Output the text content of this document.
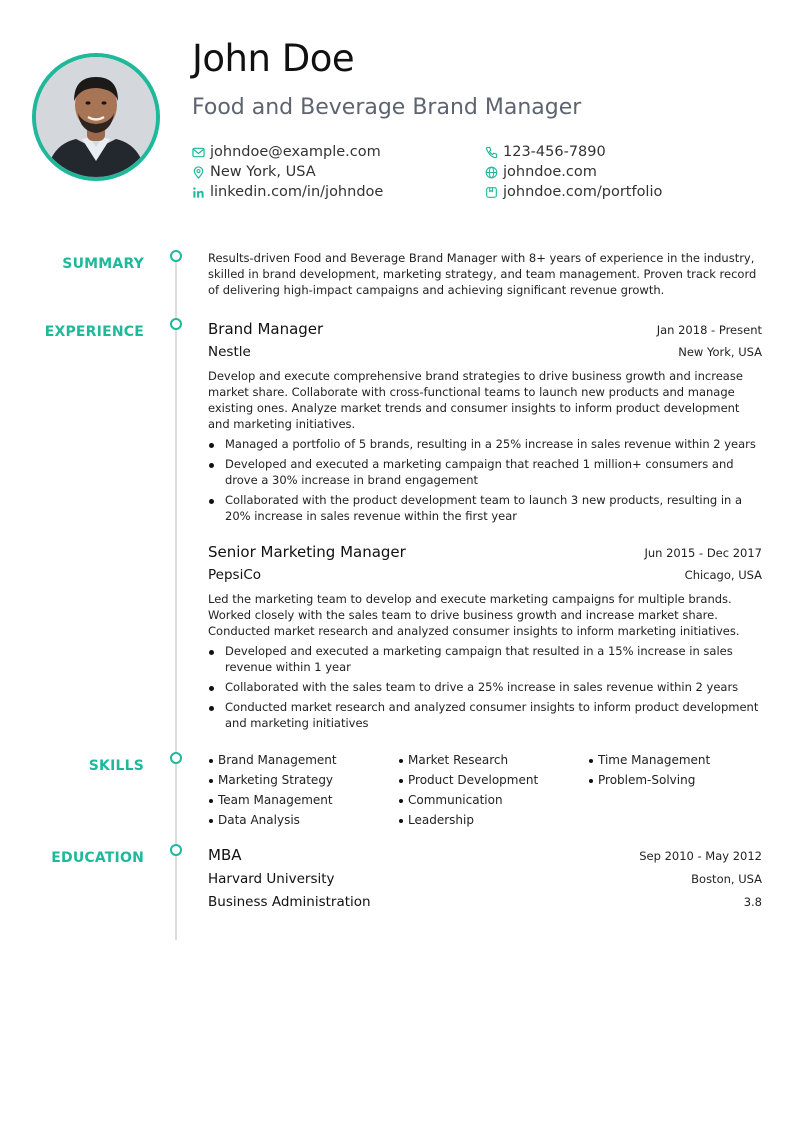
John Doe
Food and Beverage Brand Manager
johndoe@example.com
New York, USA
linkedin.com/in/johndoe
123-456-7890
johndoe.com
johndoe.com/portfolio
SUMMARY
EXPERIENCE
SKILLS
EDUCATION
Results-driven Food and Beverage Brand Manager with 8+ years of experience in the industry, skilled in brand development, marketing strategy, and team management. Proven track record of delivering high-impact campaigns and achieving significant revenue growth.
Brand Manager	Jan 2018 - Present
Nestle	New York, USA
Develop and execute comprehensive brand strategies to drive business growth and increase market share. Collaborate with cross-functional teams to launch new products and manage existing ones. Analyze market trends and consumer insights to inform product development and marketing initiatives.
Managed a portfolio of 5 brands, resulting in a 25% increase in sales revenue within 2 years
Developed and executed a marketing campaign that reached 1 million+ consumers and drove a 30% increase in brand engagement
Collaborated with the product development team to launch 3 new products, resulting in a 20% increase in sales revenue within the first year
Senior Marketing Manager	Jun 2015 - Dec 2017
PepsiCo	Chicago, USA
Led the marketing team to develop and execute marketing campaigns for multiple brands. Worked closely with the sales team to drive business growth and increase market share. Conducted market research and analyzed consumer insights to inform marketing initiatives.
Developed and executed a marketing campaign that resulted in a 15% increase in sales revenue within 1 year
Collaborated with the sales team to drive a 25% increase in sales revenue within 2 years
Conducted market research and analyzed consumer insights to inform product development and marketing initiatives
Brand Management	Market Research	Time Management
Marketing Strategy	Product Development	Problem-Solving
Team Management	Communication
Data Analysis	Leadership
MBA	Sep 2010 - May 2012
Harvard University	Boston, USA
Business Administration	3.8
